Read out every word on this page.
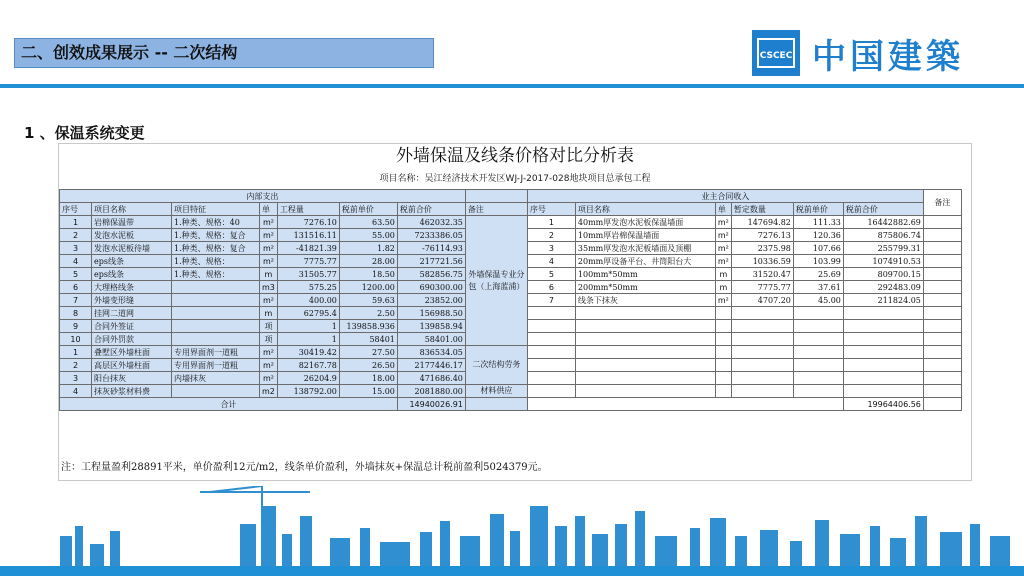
二、创效成果展示 -- 二次结构	CSCEC 中国建築
1 、保温系统变更
外墙保温及线条价格对比分析表
项目名称：吴江经济技术开发区WJ-J-2017-028地块项目总承包工程
内部支出								业主合同收入						备注
序号	项目名称	项目特征	单	工程量	税前单价	税前合价	备注	序号	项目名称	单	暂定数量	税前单价	税前合价	
1	岩棉保温带	1.种类、规格：40	m²	7276.10	63.50	462032.35	外墙保温专业分包（上海蓝浦）	1	40mm厚发泡水泥板保温墙面	m²	147694.82	111.33	16442882.69	
2	发泡水泥板	1.种类、规格：复合	m²	131516.11	55.00	7233386.05		2	10mm厚岩棉保温墙面	m²	7276.13	120.36	875806.74	
3	发泡水泥板待墙	1.种类、规格：复合	m²	-41821.39	1.82	-76114.93		3	35mm厚发泡水泥板墙面及顶棚	m²	2375.98	107.66	255799.31	
4	eps线条	1.种类、规格：	m²	7775.77	28.00	217721.56		4	20mm厚设备平台、井筒阳台大	m²	10336.59	103.99	1074910.53	
5	eps线条	1.种类、规格：	m	31505.77	18.50	582856.75		5	100mm*50mm	m	31520.47	25.69	809700.15	
6	大理格线条		m3	575.25	1200.00	690300.00		6	200mm*50mm	m	7775.77	37.61	292483.09	
7	外墙变形缝		m²	400.00	59.63	23852.00		7	线条下抹灰	m²	4707.20	45.00	211824.05	
8	挂网二道网		m	62795.4	2.50	156988.50								
9	合同外签证		项	1	139858.936	139858.94								
10	合同外罚款		项	1	58401	58401.00								
1	叠墅区外墙柱面	专用界面剂一道粗	m²	30419.42	27.50	836534.05	二次结构劳务							
2	高层区外墙柱面	专用界面剂一道粗	m²	82167.78	26.50	2177446.17								
3	阳台抹灰	内墙抹灰	m²	26204.9	18.00	471686.40								
4	抹灰砂浆材料费		m2	138792.00	15.00	2081880.00	材料供应							
合计						14940026.91							19964406.56	
注：工程量盈利28891平米，单价盈利12元/m2，线条单价盈利，外墙抹灰+保温总计税前盈利5024379元。
